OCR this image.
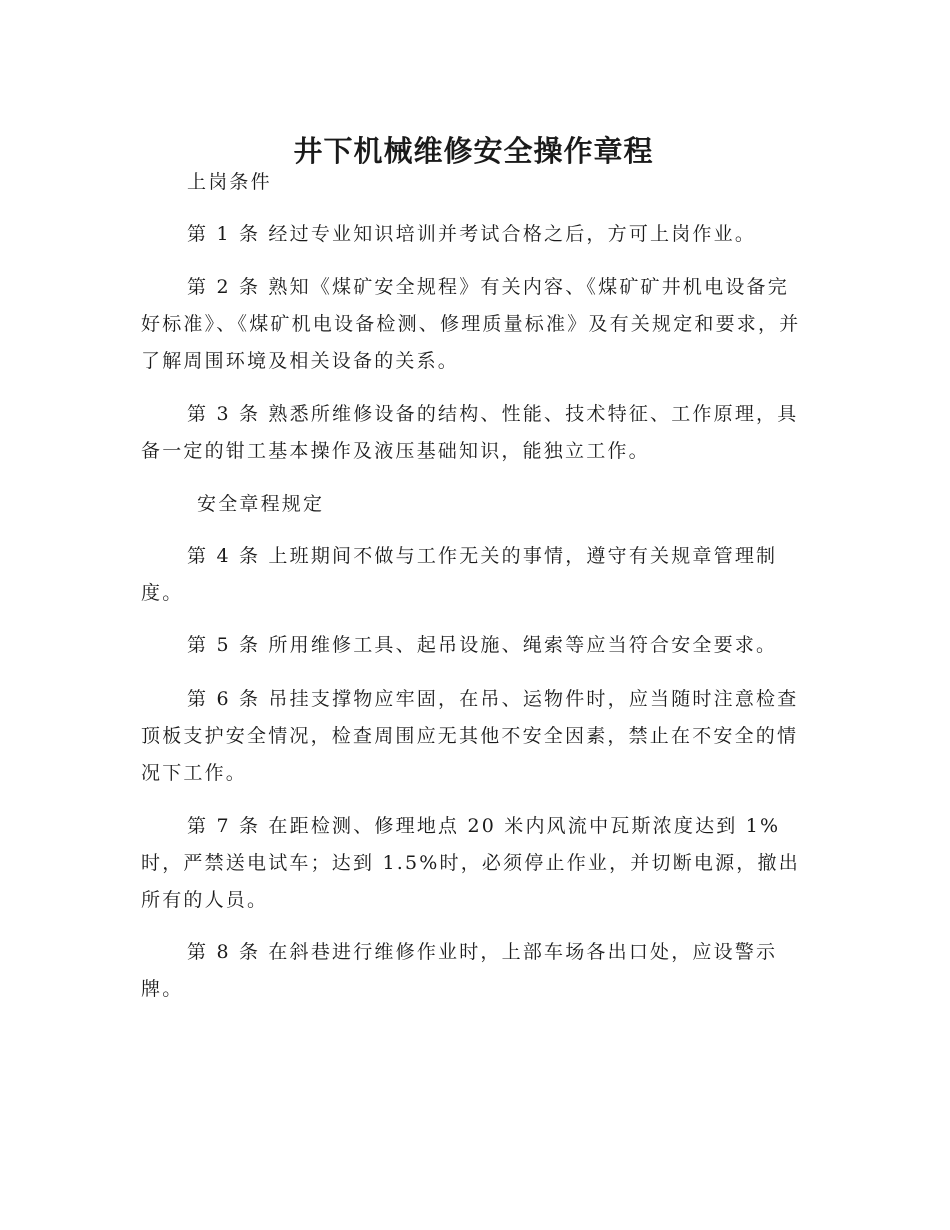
井下机械维修安全操作章程

上岗条件

第 1 条 经过专业知识培训并考试合格之后，方可上岗作业。

第 2 条 熟知《煤矿安全规程》有关内容、《煤矿矿井机电设备完好标准》、《煤矿机电设备检测、修理质量标准》及有关规定和要求，并了解周围环境及相关设备的关系。

第 3 条 熟悉所维修设备的结构、性能、技术特征、工作原理，具备一定的钳工基本操作及液压基础知识，能独立工作。

安全章程规定

第 4 条 上班期间不做与工作无关的事情，遵守有关规章管理制度。

第 5 条 所用维修工具、起吊设施、绳索等应当符合安全要求。

第 6 条 吊挂支撑物应牢固，在吊、运物件时，应当随时注意检查顶板支护安全情况，检查周围应无其他不安全因素，禁止在不安全的情况下工作。

第 7 条 在距检测、修理地点 20 米内风流中瓦斯浓度达到 1%时，严禁送电试车；达到 1.5%时，必须停止作业，并切断电源，撤出所有的人员。

第 8 条 在斜巷进行维修作业时，上部车场各出口处，应设警示牌。
